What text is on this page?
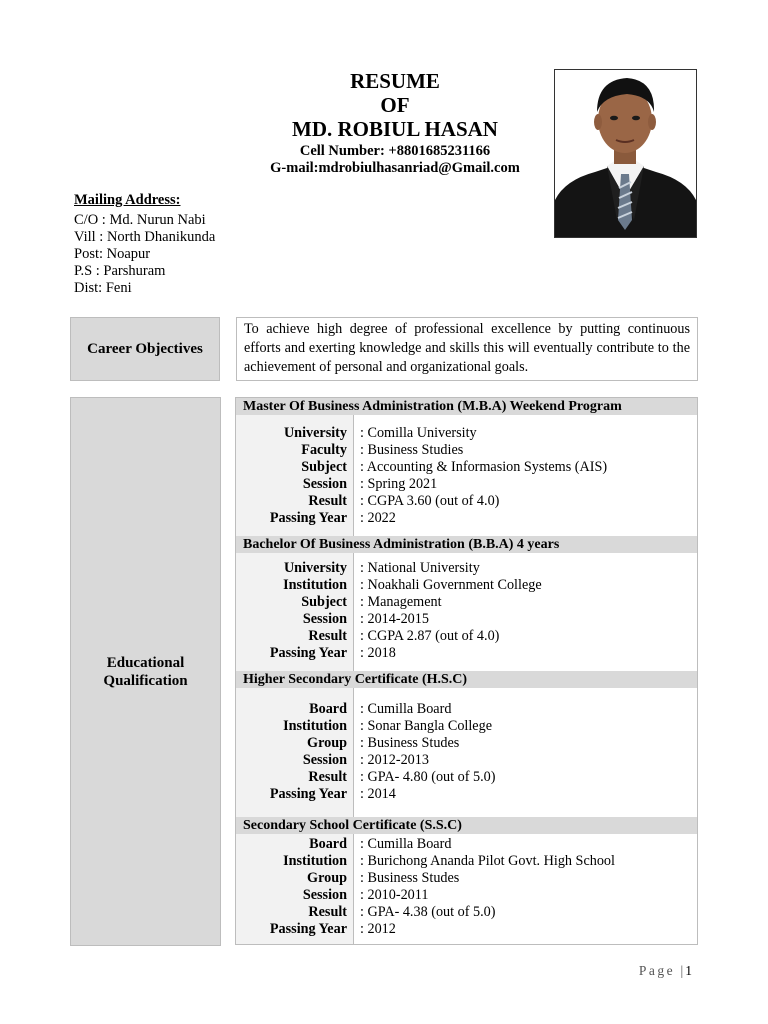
RESUME
OF
MD. ROBIUL HASAN
Cell Number: +8801685231166
G-mail:mdrobiulhasanriad@Gmail.com
Mailing Address:
C/O : Md. Nurun Nabi
Vill : North Dhanikunda
Post: Noapur
P.S : Parshuram
Dist: Feni
Career Objectives
To achieve high degree of professional excellence by putting continuous efforts and exerting knowledge and skills this will eventually contribute to the achievement of personal and organizational goals.
Educational
Qualification
Master Of Business Administration (M.B.A) Weekend Program
University
Faculty
Subject
Session
Result
Passing Year
: Comilla University
: Business Studies
: Accounting & Informasion Systems (AIS)
: Spring 2021
: CGPA 3.60 (out of 4.0)
: 2022
Bachelor Of Business Administration (B.B.A) 4 years
University
Institution
Subject
Session
Result
Passing Year
: National University
: Noakhali Government College
: Management
: 2014-2015
: CGPA 2.87 (out of 4.0)
: 2018
Higher Secondary Certificate (H.S.C)
Board
Institution
Group
Session
Result
Passing Year
: Cumilla Board
: Sonar Bangla College
: Business Studes
: 2012-2013
: GPA- 4.80 (out of 5.0)
: 2014
Secondary School Certificate (S.S.C)
Board
Institution
Group
Session
Result
Passing Year
: Cumilla Board
: Burichong Ananda Pilot Govt. High School
: Business Studes
: 2010-2011
: GPA- 4.38 (out of 5.0)
: 2012
Page | 1
